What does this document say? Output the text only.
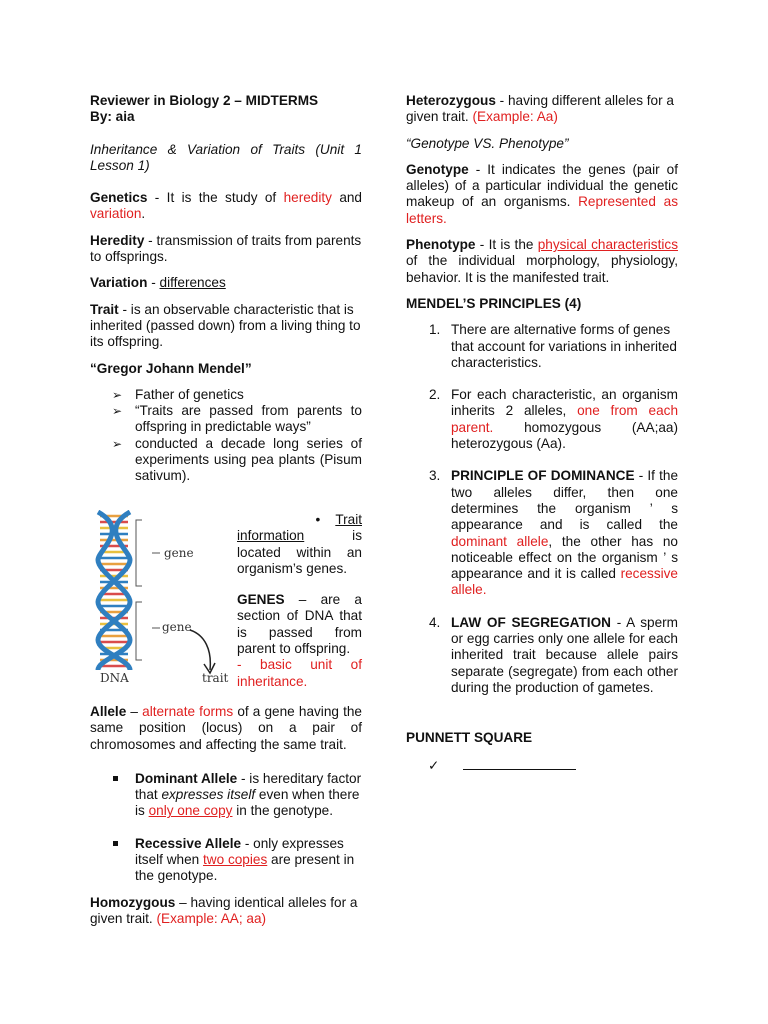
Reviewer in Biology 2 – MIDTERMS

By: aia

Inheritance & Variation of Traits (Unit 1 Lesson 1)

Genetics - It is the study of heredity and variation.

Heredity - transmission of traits from parents to offsprings.

Variation - differences

Trait - is an observable characteristic that is inherited (passed down) from a living thing to its offspring.

“Gregor Johann Mendel”

➢ Father of genetics
➢ “Traits are passed from parents to offspring in predictable ways”
➢ conducted a decade long series of experiments using pea plants (Pisum sativum).
gene
gene
DNA	trait

• Trait

information is located within an organism’s genes.

GENES – are a section of DNA that is passed from parent to offspring.

- basic unit of inheritance.

Allele – alternate forms of a gene having the same position (locus) on a pair of chromosomes and affecting the same trait.

Dominant Allele - is hereditary factor that expresses itself even when there is only one copy in the genotype.
Recessive Allele - only expresses itself when two copies are present in the genotype.

Homozygous – having identical alleles for a given trait. (Example: AA; aa)

Heterozygous - having different alleles for a given trait. (Example: Aa)

“Genotype VS. Phenotype”

Genotype - It indicates the genes (pair of alleles) of a particular individual the genetic makeup of an organisms. Represented as letters.

Phenotype - It is the physical characteristics of the individual morphology, physiology, behavior. It is the manifested trait.

MENDEL’S PRINCIPLES (4)

1. There are alternative forms of genes that account for variations in inherited characteristics.
2. For each characteristic, an organism inherits 2 alleles, one from each parent. homozygous (AA;aa) heterozygous (Aa).
3. PRINCIPLE OF DOMINANCE - If the two alleles differ, then one determines the organism ’ s appearance and is called the dominant allele, the other has no noticeable effect on the organism ’ s appearance and it is called recessive allele.
4. LAW OF SEGREGATION - A sperm or egg carries only one allele for each inherited trait because allele pairs separate (segregate) from each other during the production of gametes.

PUNNETT SQUARE

✓
